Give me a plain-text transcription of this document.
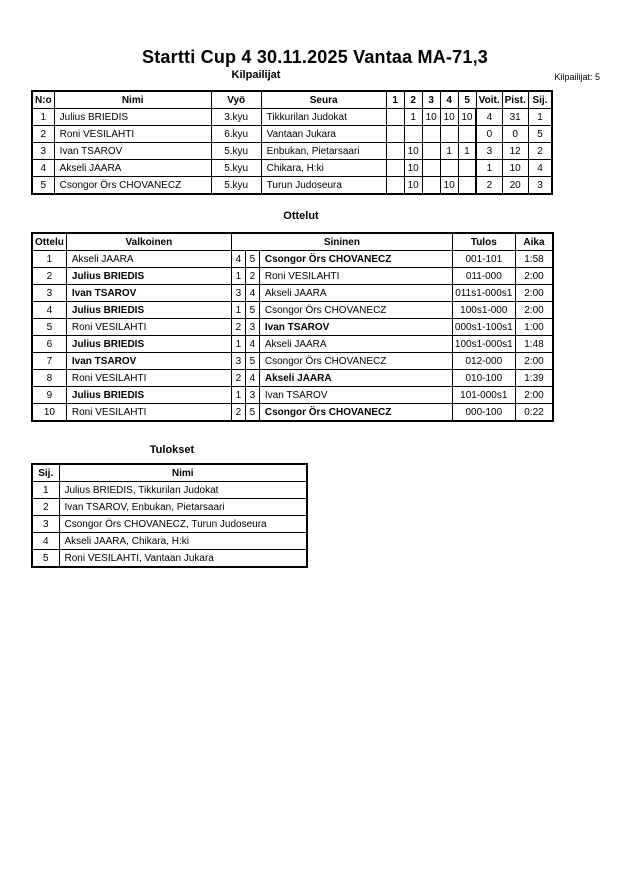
Startti Cup 4 30.11.2025 Vantaa MA-71,3
Kilpailijat	Kilpailijat: 5
N:o	Nimi	Vyö	Seura	1	2	3	4	5	Voit.	Pist.	Sij.
1	Julius BRIEDIS	3.kyu	Tikkurilan Judokat		1	10	10	10	4	31	1
2	Roni VESILAHTI	6.kyu	Vantaan Jukara						0	0	5
3	Ivan TSAROV	5.kyu	Enbukan, Pietarsaari		10		1	1	3	12	2
4	Akseli JAARA	5.kyu	Chikara, H:ki		10				1	10	4
5	Csongor Örs CHOVANECZ	5.kyu	Turun Judoseura		10		10		2	20	3
Ottelut
Ottelu	Valkoinen	Sininen			Tulos	Aika
1	Akseli JAARA	4	5	Csongor Örs CHOVANECZ	001-101	1:58
2	Julius BRIEDIS	1	2	Roni VESILAHTI	011-000	2:00
3	Ivan TSAROV	3	4	Akseli JAARA	011s1-000s1	2:00
4	Julius BRIEDIS	1	5	Csongor Örs CHOVANECZ	100s1-000	2:00
5	Roni VESILAHTI	2	3	Ivan TSAROV	000s1-100s1	1:00
6	Julius BRIEDIS	1	4	Akseli JAARA	100s1-000s1	1:48
7	Ivan TSAROV	3	5	Csongor Örs CHOVANECZ	012-000	2:00
8	Roni VESILAHTI	2	4	Akseli JAARA	010-100	1:39
9	Julius BRIEDIS	1	3	Ivan TSAROV	101-000s1	2:00
10	Roni VESILAHTI	2	5	Csongor Örs CHOVANECZ	000-100	0:22
Tulokset
Sij.	Nimi
1	Julius BRIEDIS, Tikkurilan Judokat
2	Ivan TSAROV, Enbukan, Pietarsaari
3	Csongor Örs CHOVANECZ, Turun Judoseura
4	Akseli JAARA, Chikara, H:ki
5	Roni VESILAHTI, Vantaan Jukara
